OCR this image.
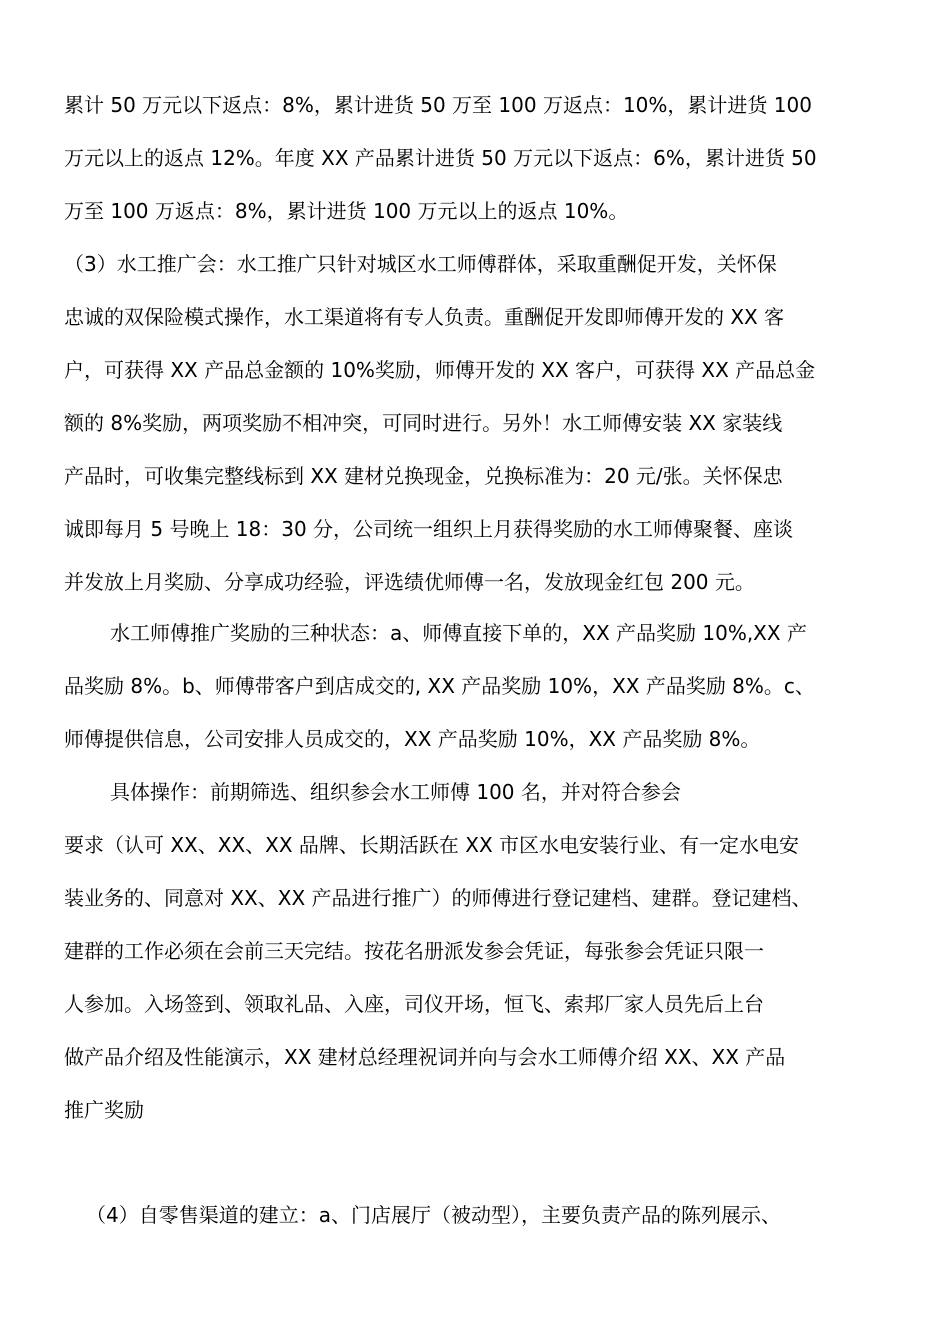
累计 50 万元以下返点：8%，累计进货 50 万至 100 万返点：10%，累计进货 100
万元以上的返点 12%。年度 XX 产品累计进货 50 万元以下返点：6%，累计进货 50
万至 100 万返点：8%，累计进货 100 万元以上的返点 10%。
（3）水工推广会：水工推广只针对城区水工师傅群体，采取重酬促开发，关怀保
忠诚的双保险模式操作，水工渠道将有专人负责。重酬促开发即师傅开发的 XX 客
户，可获得 XX 产品总金额的 10%奖励，师傅开发的 XX 客户，可获得 XX 产品总金
额的 8%奖励，两项奖励不相冲突，可同时进行。另外！水工师傅安装 XX 家装线
产品时，可收集完整线标到 XX 建材兑换现金，兑换标准为：20 元/张。关怀保忠
诚即每月 5 号晚上 18：30 分，公司统一组织上月获得奖励的水工师傅聚餐、座谈
并发放上月奖励、分享成功经验，评选绩优师傅一名，发放现金红包 200 元。
水工师傅推广奖励的三种状态：a、师傅直接下单的，XX 产品奖励 10%,XX 产
品奖励 8%。b、师傅带客户到店成交的, XX 产品奖励 10%，XX 产品奖励 8%。c、
师傅提供信息，公司安排人员成交的，XX 产品奖励 10%，XX 产品奖励 8%。
具体操作：前期筛选、组织参会水工师傅 100 名，并对符合参会
要求（认可 XX、XX、XX 品牌、长期活跃在 XX 市区水电安装行业、有一定水电安
装业务的、同意对 XX、XX 产品进行推广）的师傅进行登记建档、建群。登记建档、
建群的工作必须在会前三天完结。按花名册派发参会凭证，每张参会凭证只限一
人参加。入场签到、领取礼品、入座，司仪开场，恒飞、索邦厂家人员先后上台
做产品介绍及性能演示，XX 建材总经理祝词并向与会水工师傅介绍 XX、XX 产品
推广奖励
（4）自零售渠道的建立：a、门店展厅（被动型），主要负责产品的陈列展示、
